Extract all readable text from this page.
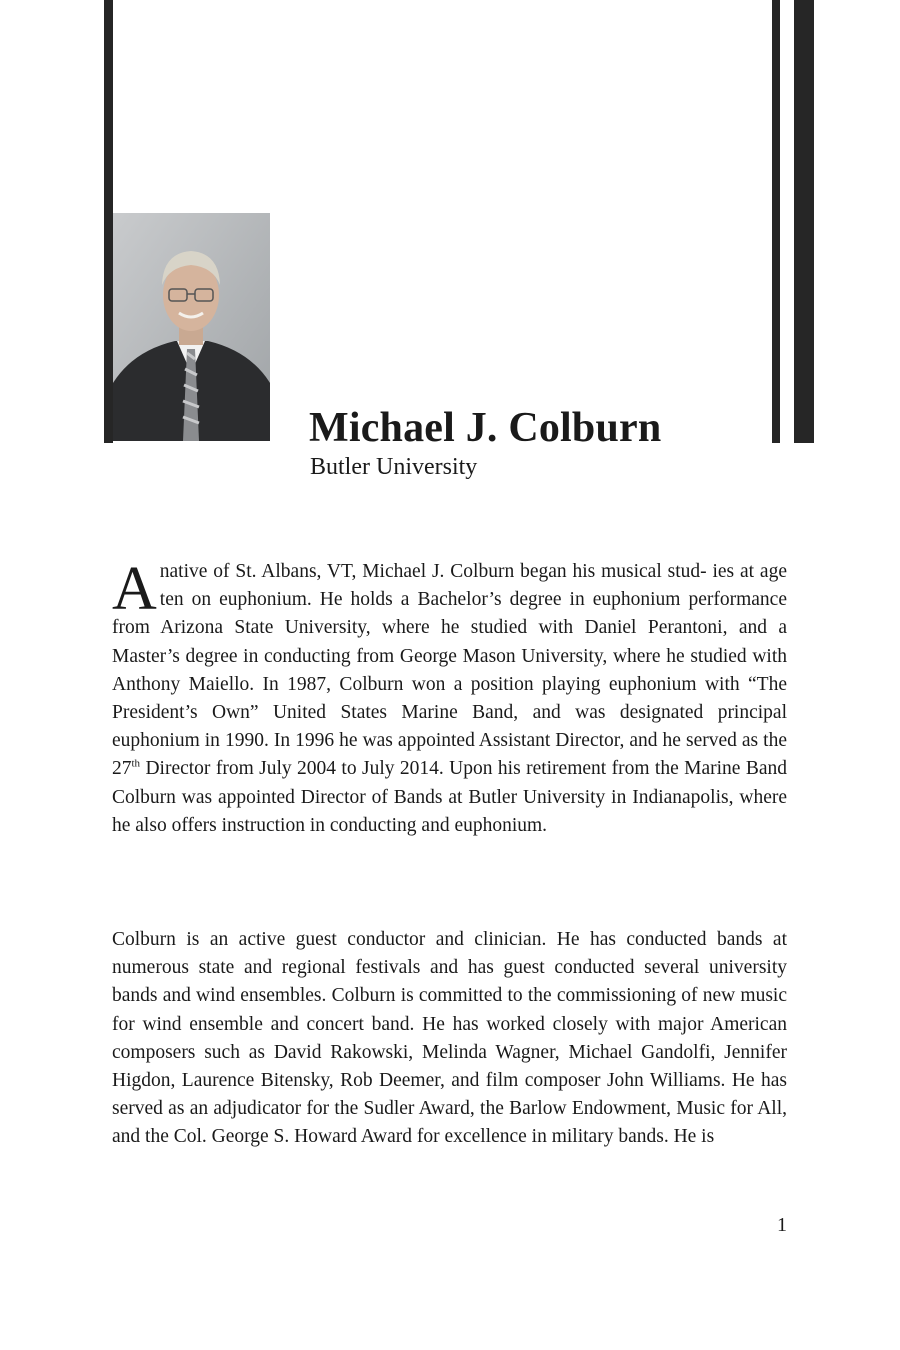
Michael J. Colburn
Butler University

A native of St. Albans, VT, Michael J. Colburn began his musical stud- ies at age ten on euphonium. He holds a Bachelor’s degree in euphonium performance from Arizona State University, where he studied with Daniel Perantoni, and a Master’s degree in conducting from George Mason University, where he studied with Anthony Maiello. In 1987, Colburn won a position playing euphonium with “The President’s Own” United States Marine Band, and was designated principal euphonium in 1990. In 1996 he was appointed Assistant Director, and he served as the 27th Director from July 2004 to July 2014. Upon his retirement from the Marine Band Colburn was appointed Director of Bands at Butler University in Indianapolis, where he also offers instruction in conducting and euphonium.

Colburn is an active guest conductor and clinician. He has conducted bands at numerous state and regional festivals and has guest conducted several university bands and wind ensembles. Colburn is committed to the commissioning of new music for wind ensemble and concert band. He has worked closely with major American composers such as David Rakowski, Melinda Wagner, Michael Gandolfi, Jennifer Higdon, Laurence Bitensky, Rob Deemer, and film composer John Williams. He has served as an adjudicator for the Sudler Award, the Barlow Endowment, Music for All, and the Col. George S. Howard Award for excellence in military bands. He is

1
